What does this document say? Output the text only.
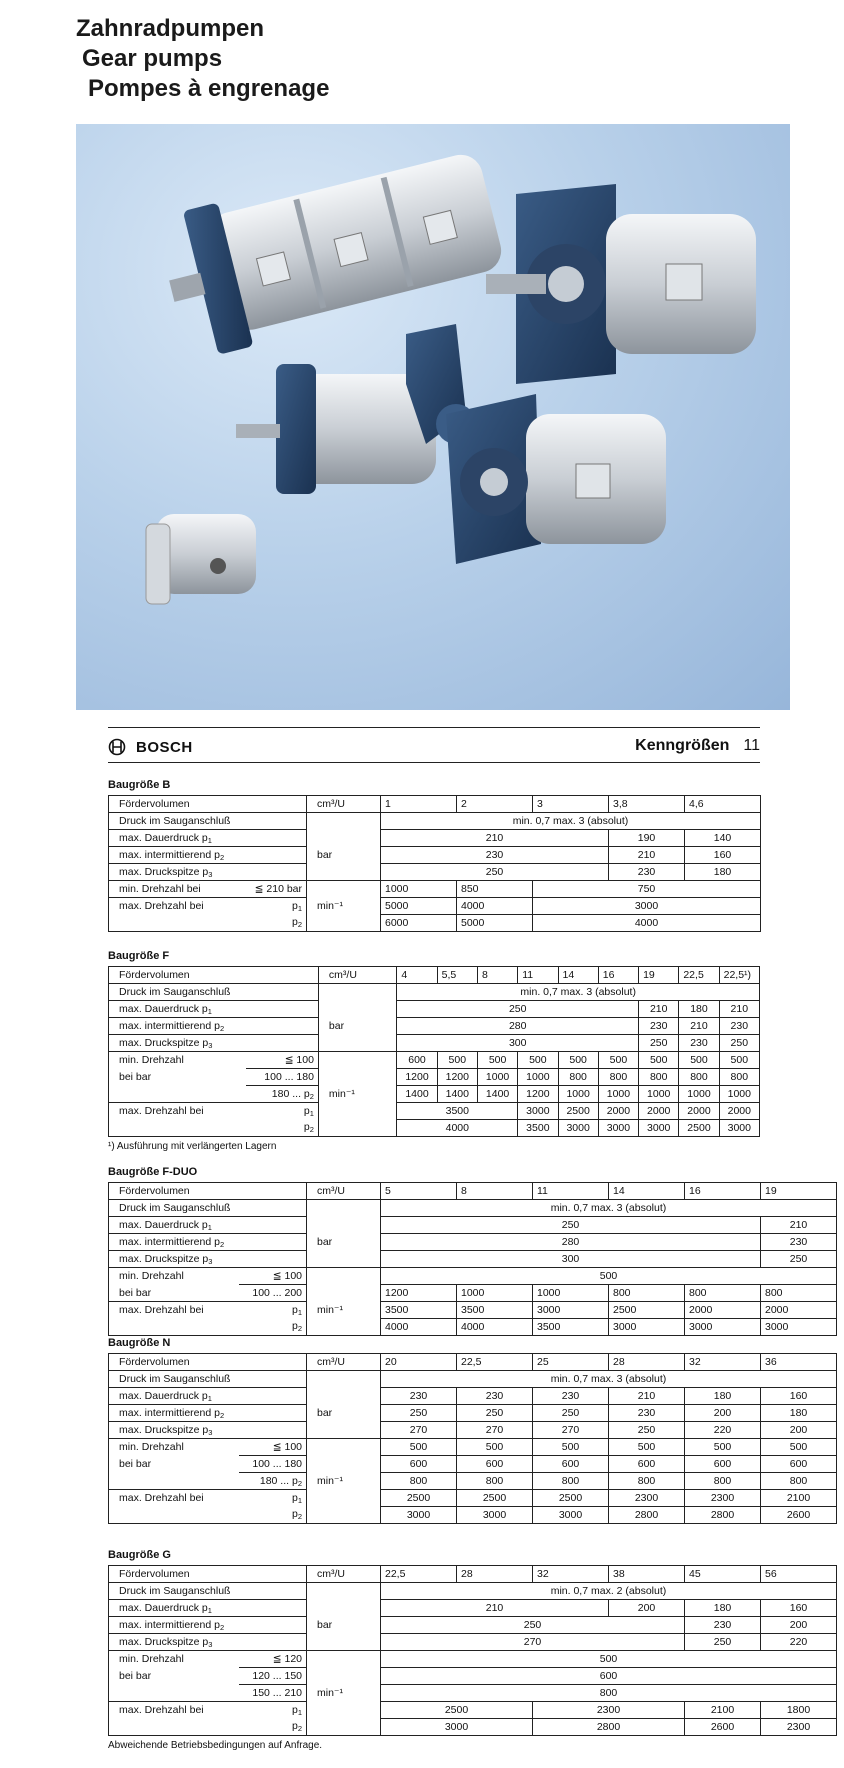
Zahnradpumpen
Gear pumps
Pompes à engrenage
BOSCH	Kenngrößen 11
Baugröße B
Fördervolumen	cm³/U	1	2	3	3,8	4,6
Druck im Sauganschluß		min. 0,7 max. 3 (absolut)				
max. Dauerdruck $p_1$	bar	210			190	140
max. intermittierend $p_2$		230			210	160
max. Druckspitze $p_3$		250			230	180
min. Drehzahl bei ≦ 210 bar		1000	850	750		
max. Drehzahl bei $p_1$	min⁻¹	5000	4000	3000		

$p_2$		6000	5000	4000		
Baugröße F
Fördervolumen		cm³/U	4	5,5	8	11	14	16	19	22,5	22,5¹)
Druck im Sauganschluß			min. 0,7 max. 3 (absolut)								
max. Dauerdruck $p_1$		bar	250						210	180	210
max. intermittierend $p_2$			280						230	210	230
max. Druckspitze $p_3$			300						250	230	250
min. Drehzahl	≦ 100		600	500	500	500	500	500	500	500	500
bei bar	100 ... 180		1200	1200	1000	1000	800	800	800	800	800
	180 ... $p_2$	min⁻¹	1400	1400	1400	1200	1000	1000	1000	1000	1000
max. Drehzahl bei $p_1$			3500			3000	2500	2000	2000	2000	2000

$p_2$			4000			3500	3000	3000	3000	2500	3000
¹) Ausführung mit verlängerten Lagern
Baugröße F-DUO
Fördervolumen		cm³/U	5	8	11	14	16	19
Druck im Sauganschluß			min. 0,7 max. 3 (absolut)					
max. Dauerdruck $p_1$		bar	250					210
max. intermittierend $p_2$			280					230
max. Druckspitze $p_3$			300					250
min. Drehzahl	≦ 100		500					
bei bar	100 ... 200		1200	1000	1000	800	800	800
max. Drehzahl bei $p_1$		min⁻¹	3500	3500	3000	2500	2000	2000

$p_2$			4000	4000	3500	3000	3000	3000
Baugröße N
Fördervolumen		cm³/U	20	22,5	25	28	32	36
Druck im Sauganschluß			min. 0,7 max. 3 (absolut)					
max. Dauerdruck $p_1$		bar	230	230	230	210	180	160
max. intermittierend $p_2$			250	250	250	230	200	180
max. Druckspitze $p_3$			270	270	270	250	220	200
min. Drehzahl	≦ 100		500	500	500	500	500	500
bei bar	100 ... 180		600	600	600	600	600	600
	180 ... $p_2$	min⁻¹	800	800	800	800	800	800
max. Drehzahl bei $p_1$			2500	2500	2500	2300	2300	2100

$p_2$			3000	3000	3000	2800	2800	2600
Baugröße G
Fördervolumen		cm³/U	22,5	28	32	38	45	56
Druck im Sauganschluß			min. 0,7 max. 2 (absolut)					
max. Dauerdruck $p_1$		bar	210			200	180	160
max. intermittierend $p_2$			250				230	200
max. Druckspitze $p_3$			270				250	220
min. Drehzahl	≦ 120		500					
bei bar	120 ... 150		600					
	150 ... 210	min⁻¹	800					
max. Drehzahl bei $p_1$			2500		2300		2100	1800

$p_2$			3000		2800		2600	2300
Abweichende Betriebsbedingungen auf Anfrage.
